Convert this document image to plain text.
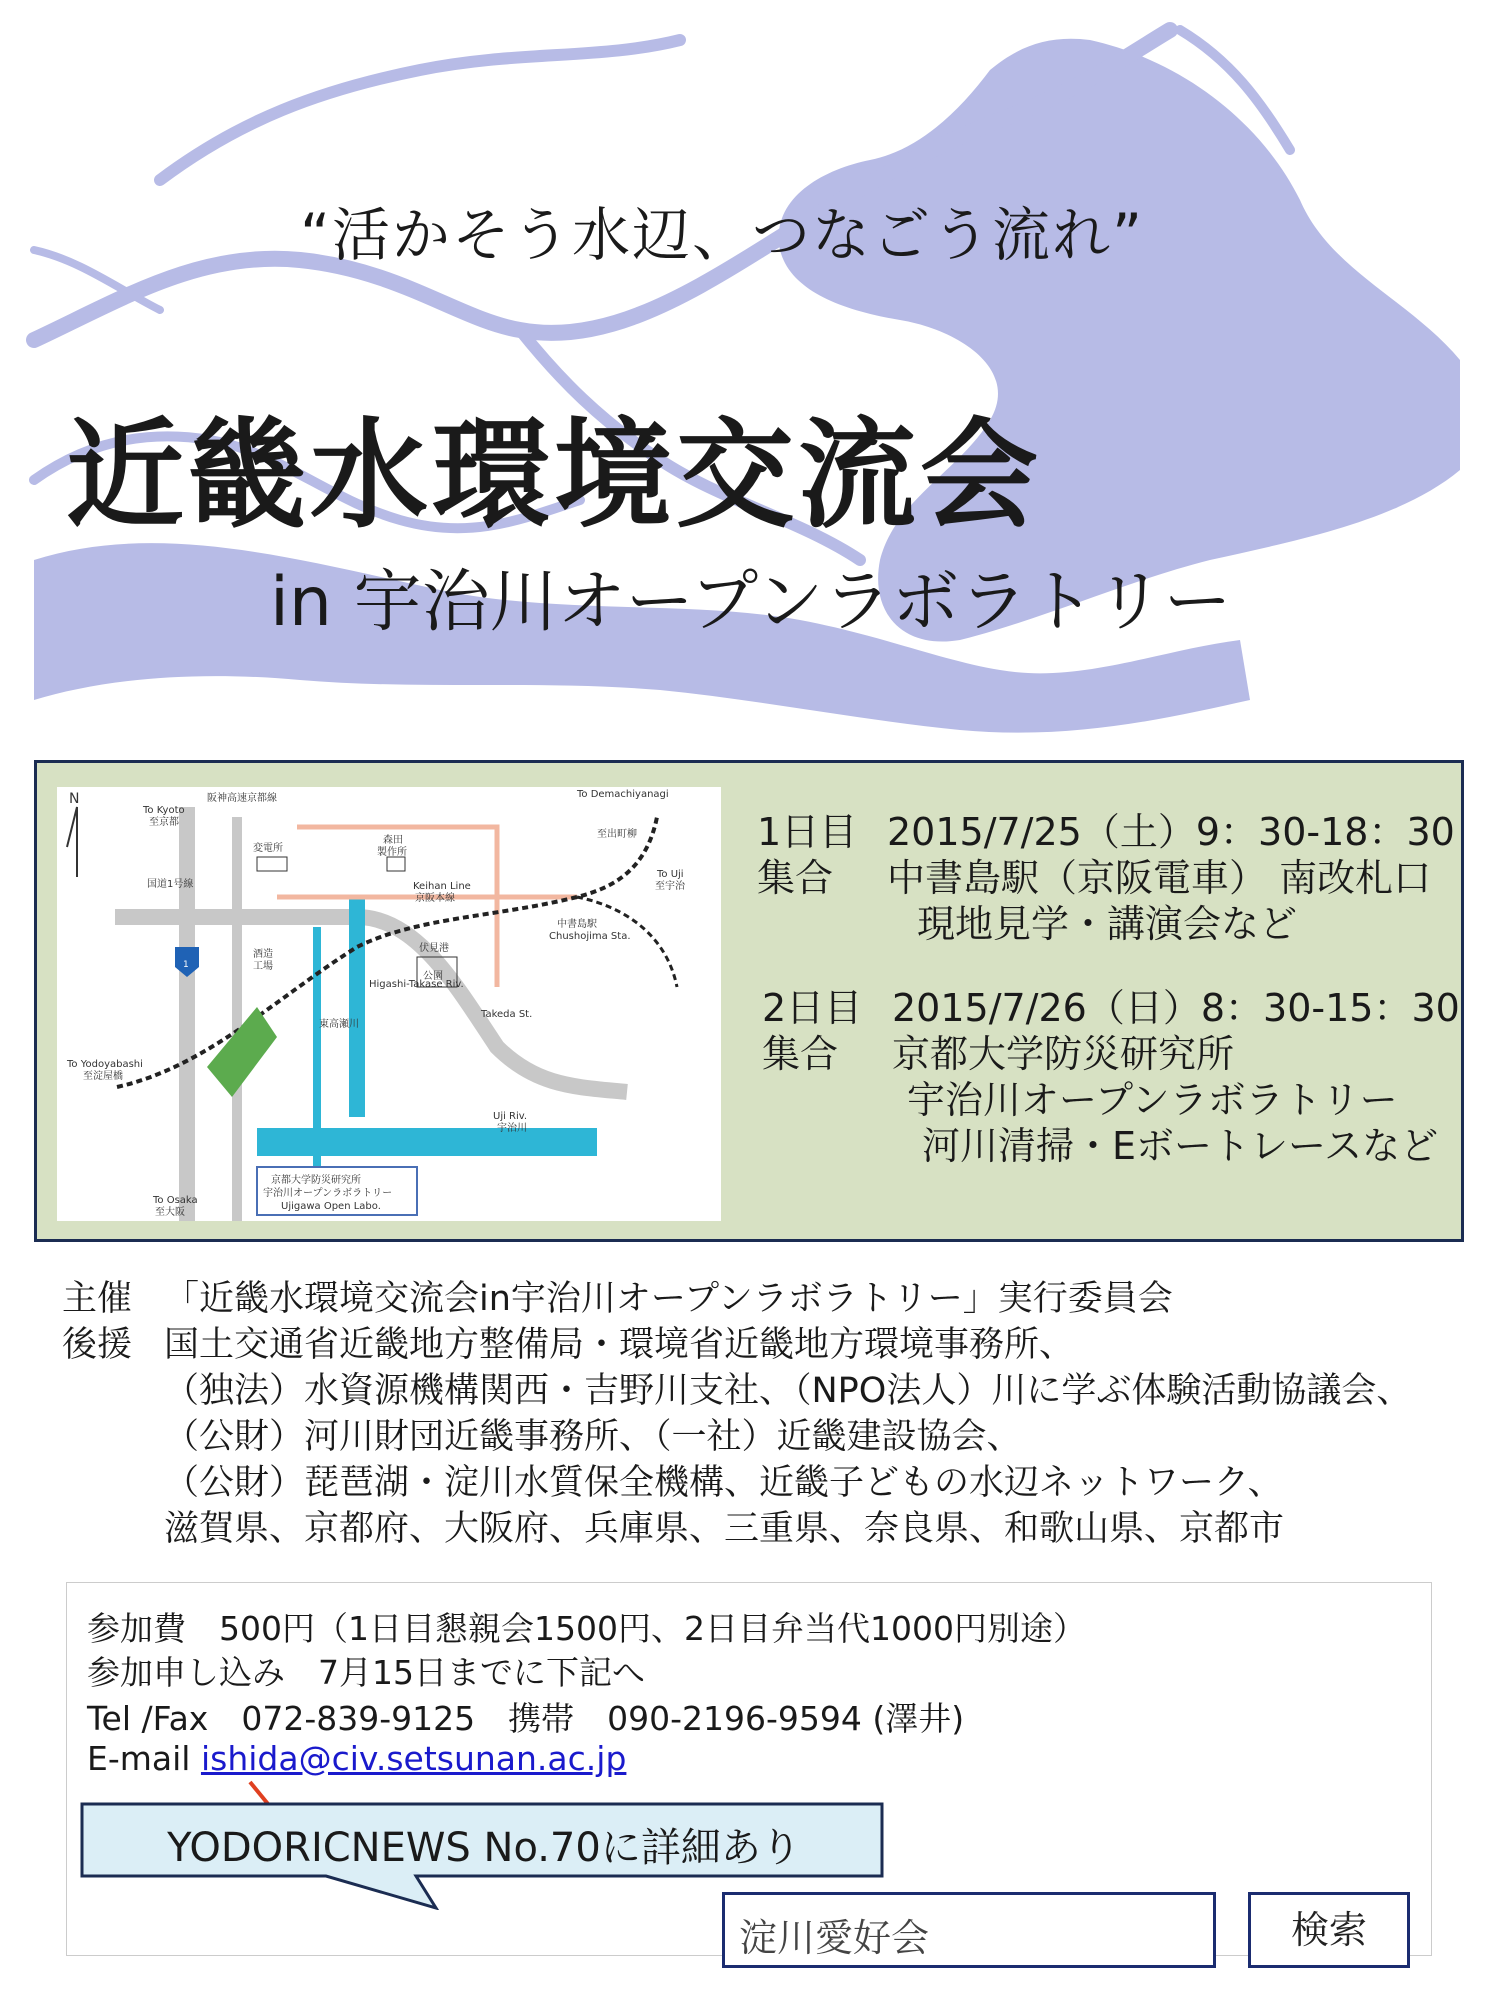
“活かそう水辺、つなごう流れ”
近畿水環境交流会
in 宇治川オープンラボラトリー
N
To Kyoto
至京都
阪神高速京都線
変電所
森田
製作所
To Demachiyanagi
至出町柳
To Uji
至宇治
Keihan Line
京阪本線
中書島駅
Chushojima Sta.
国道1号線
1
酒造
工場
伏見港
公園
Higashi-Takase Riv.
東高瀬川
Takeda St.
To Yodoyabashi
至淀屋橋
Uji Riv.
宇治川
京都大学防災研究所
宇治川オープンラボラトリー
Ujigawa Open Labo.
To Osaka
至大阪
1日目 2015/7/25（土）9：30-18：30
集合 中書島駅（京阪電車） 南改札口
現地見学・講演会など
2日目 2015/7/26（日）8：30-15：30
集合 京都大学防災研究所
宇治川オープンラボラトリー
河川清掃・Eボートレースなど
主催 「近畿水環境交流会in宇治川オープンラボラトリー」実行委員会
後援 国土交通省近畿地方整備局・環境省近畿地方環境事務所、
（独法）水資源機構関西・吉野川支社、（NPO法人）川に学ぶ体験活動協議会、
（公財）河川財団近畿事務所、（一社）近畿建設協会、
（公財）琵琶湖・淀川水質保全機構、近畿子どもの水辺ネットワーク、
滋賀県、京都府、大阪府、兵庫県、三重県、奈良県、和歌山県、京都市
参加費　500円（1日目懇親会1500円、2日目弁当代1000円別途）
参加申し込み　7月15日までに下記へ
Tel /Fax　072-839-9125　携帯　090-2196-9594 (澤井)
E-mail ishida@civ.setsunan.ac.jp
YODORICNEWS No.70に詳細あり
淀川愛好会	検索
